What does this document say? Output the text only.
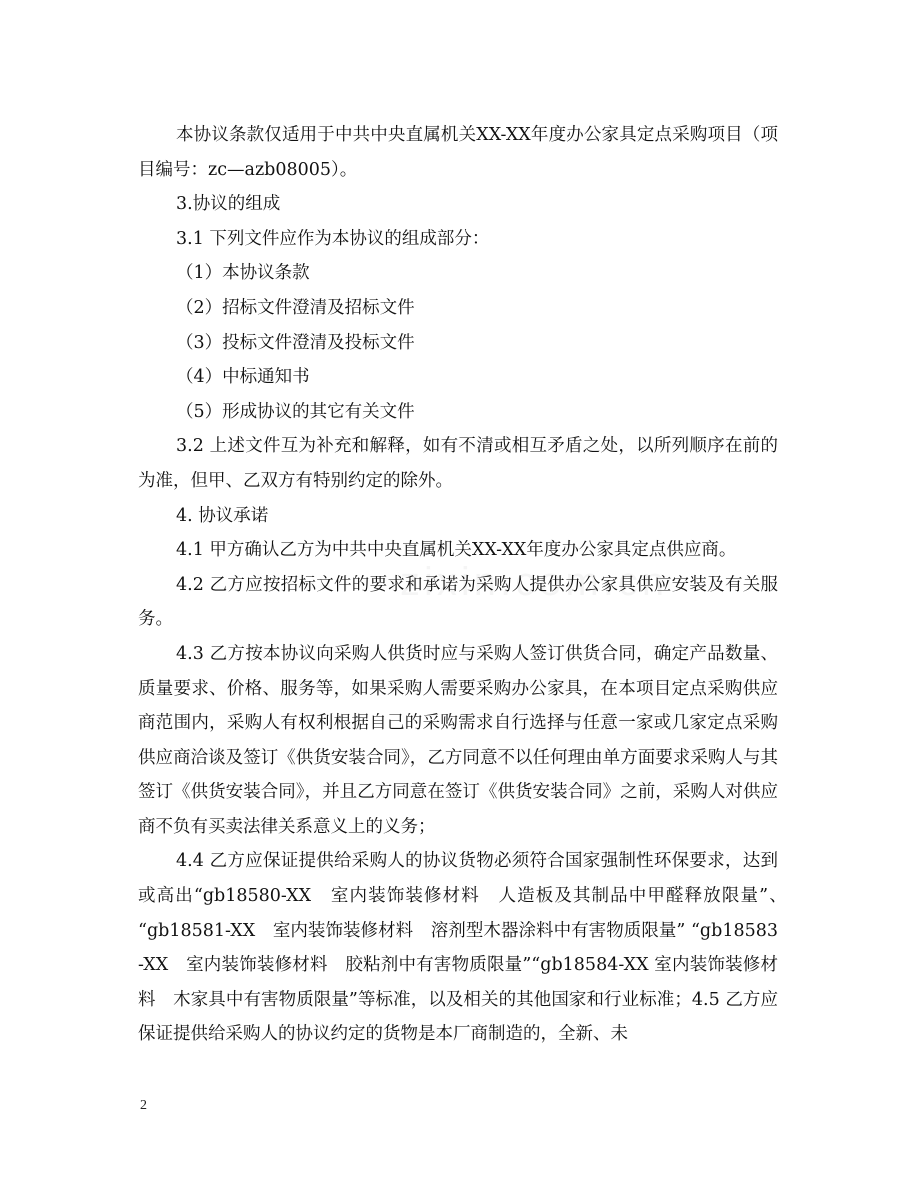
本协议条款仅适用于中共中央直属机关XX-XX年度办公家具定点采购项目（项目编号：zc—azb08005）。

3.协议的组成

3.1 下列文件应作为本协议的组成部分：

（1）本协议条款

（2）招标文件澄清及招标文件

（3）投标文件澄清及投标文件

（4）中标通知书

（5）形成协议的其它有关文件

3.2 上述文件互为补充和解释，如有不清或相互矛盾之处，以所列顺序在前的为准，但甲、乙双方有特别约定的除外。

4. 协议承诺

4.1 甲方确认乙方为中共中央直属机关XX-XX年度办公家具定点供应商。

4.2 乙方应按招标文件的要求和承诺为采购人提供办公家具供应安装及有关服务。

4.3 乙方按本协议向采购人供货时应与采购人签订供货合同，确定产品数量、质量要求、价格、服务等，如果采购人需要采购办公家具，在本项目定点采购供应商范围内，采购人有权利根据自己的采购需求自行选择与任意一家或几家定点采购供应商洽谈及签订《供货安装合同》，乙方同意不以任何理由单方面要求采购人与其签订《供货安装合同》，并且乙方同意在签订《供货安装合同》之前，采购人对供应商不负有买卖法律关系意义上的义务；

4.4 乙方应保证提供给采购人的协议货物必须符合国家强制性环保要求，达到或高出“gb18580-XX　室内装饰装修材料　人造板及其制品中甲醛释放限量”、　“gb18581-XX　室内装饰装修材料　溶剂型木器涂料中有害物质限量” “gb18583-XX　室内装饰装修材料　胶粘剂中有害物质限量”“gb18584-XX 室内装饰装修材料　木家具中有害物质限量”等标准，以及相关的其他国家和行业标准；4.5 乙方应保证提供给采购人的协议约定的货物是本厂商制造的，全新、未

2
